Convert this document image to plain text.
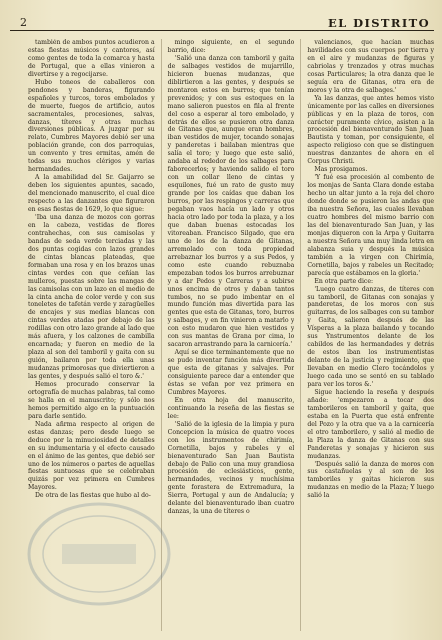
2	EL DISTRITO

también de ambos puntos acudieron a estas fiestas músicos y cantores, así como gentes de toda la comarca y hasta de Portugal, que a ellas vinieron a divertirse y a regocijarse.

Hubo toneos de caballeros con pendones y banderas, figurando españoles y turcos, toros embolados y de muerte, fuegos de artificio, autos sacramentales, procesiones, salvas, danzas, títeres y otras muchas diversiones públicas. A juzgar por su relato, Cumbres Mayores debió ser una población grande, con dos parroquias, un convento y tres ermitas, amén de todas sus muchos clérigos y varias hermandades.

A la amabilidad del Sr. Gaijarro se deben los siguientes apuntes, sacado, del mencionado manuscrito, el cual dice respecto a las danzantes que figuraron en esas fiestas de 1629, lo que sigue:

'Iba una danza de mozos con gorras en la cabeza, vestidas de flores contrahechas, con sus camisolas y bandas de seda verde terciadas y las dos puntas cogidas con lazos grandes de cintas blancas plateadas, que formaban una rosa y en los brazos unas cintas verdes con que ceñían las mulleros, puestas sobre las mangas de las camisolas con un lazo en el medio de la cinta ancha de color verde y con sus toneletes de tafetán verde y zaragüelles de encajes y sus medias blancas con cintas verdes atadas por debajo de las rodillas con otro lazo grande al lado que más afuera, y los calzones de cambilla encarnada; y fueron en medio de la plaza al son del tamboril y gaita con su guión, bailaron por toda ella unas mudanzas primorosas que diviertieron a las gentes, y después salió el toro &.'

Hemos procurado conservar la ortografía de muchas palabras, tal como se halla en el manuscrito; y sólo nos hemos permitido algo en la puntuación para darle sentido.

Nada añrma respecto al origen de estas danzas; pero desde luego se deduce por la minuciosidad de detalles en su indumentaria y el efecto causado en el ánimo de las gentes, que debió ser uno de los números o partes de aquellas fiestas suntuosas que se celebraban quizás por vez primera en Cumbres Mayores.

De otra de las fiestas que hubo al do-

mingo siguiente, en el segundo barrio, dice:

'Salió una danza con tamboril y gaita de salbages vestidos de mujarrillo, hicieron buenas mudanzas, que diblirtieron a las gentes, y después se montaron estos en burros; que tenían prevenidos; y con sus estoques en la mano salieron puestos en fila al frente del coso a esperar al toro embolado, y detrás de ellos se pusieron otra danza de Gitanas que, aunque eran hombres, iban vestidos de mujer, tocando sonajas y panderetas i bailaban mientras que salía el toro; y luego que este salió, andaba al rededor de los salbages para faborecerlos; y haviendo salido el toro con un collar lleno de cintas y esquilones, fué un rato de gusto muy grande por los caídas que daban los burros, por las respingos y carreras que pegaban vaos hacía un lado y otros hacia otro lado por toda la plaza, y a los que daban buenas estocadas los vitoreaban. Francisco Silgado, que era uno de los de la danza de Gitanas, arremolado con toda propiedad arrebaznar los burros y a sus Pedos, y como este cuando rebuznaba empezaban todos los burros arrebuznar y a dar Pedos y Carreras y a subirse unos encima de otros y daban tantos tumbos, no se pudo imbentar en el mundo función mas divertida para las gentes que esta de Gitanas, toro, burros y salbages, y en fin vinieron a matarlo y con esto mudaron que hien vestidos y con sus mantas de Grana por cima, lo sacaron arrastrando para la carnicería.'

Aquí se dice terminantemente que no se pudo inventar función más divertida que esta de gitanas y salvajes. Por consiguiente parece dar a entender que éstas se vefan por vez primera en Cumbres Mayores.

En otra hoja del manuscrito, continuando la reseña de las fiestas se lee:

'Salió de la iglesia de la limpia y pura Concepcion la música de quatro voces con los instrumentos de chirimía, Cornetilla, bajos y rabeles y el bienaventurado San Juan Bautista debajo de Palio con una muy grandiosa procesión de eclesiásticos, gente, hermandades, vecinos y muchísima gente forastera de Extremadura, la Sierra, Portugal y aun de Andalucía; y delante del bienaventurado iban cuatro danzas, la una de títeres o

valencianos, que hacían muchas havilidades con sus cuerpos por tierra y en el aire y mudanzas de figuras y cabriolas y trenzados y otras muchas cosas Particulares; la otra danza que le seguía era de Gitanas, otra era de moros y la otra de salbages.'

Ya las danzas, que antes hemos visto únicamente por las calles en diversiones públicas y en la plaza de toros, con carácter puramente cívico, asisten a la procesión del bienaventurado San Juan Bautista y toman, por consiguiente, el aspecto religioso con que se distinguen nuestras danzantes de ahora en el Corpus Christi.

Mas prosigamos.

'Y fué esa procesión al combento de los monjas de Santa Clara donde estaba hecho un altar junto a la reja del choro donde donde se pusieron las andas que iba nuestra Señora, las cuales llevaban cuatro hombres del mismo barrio con las del bienaventurado San Juan, y las monjas diqueron con la Arpa y Guitarra a nuestra Señora una muy linda letra en alabanza suia y después la música también a la virgen con Chirimía, Cornetilla, bajos y rabeles un Recitado; parecía que estábamos en la gloria.'

En otra parte dice:

'Luego cuatro danzas, de títeres con su tamboril, de Gitanas con sonajas y panderetas, de los moros con sus guitarras, de los salbages con su tambor y Gaita, salieron después de las Vísperas a la plaza bailando y tocando sus Ynstrumentos delante de los cabildos de las hermandades y detrás de estos iban los instrumentistas delante de la justicia y regimiento, que llevaban en medio Clero tocándolos y luego cada uno se sentó en su tablado para ver los toros &.'

Sigue haciendo la reseña y después añade: 'empezaron a tocar dos tamborileros en tamboril y gaita, que estaba en la Puerta que está enfrente del Pozo y la otra que va a la carnicería el otro tamborilero, y salió al medio de la Plaza la danza de Gitanas con sus Panderetas y sonajas y hicieron sus mudanzas.

'Después salió la danza de moros con sus castañuelas y al son de los tamboriles y gaitas hicieron sus mudanzas en medio de la Plaza; Y luego salió la
